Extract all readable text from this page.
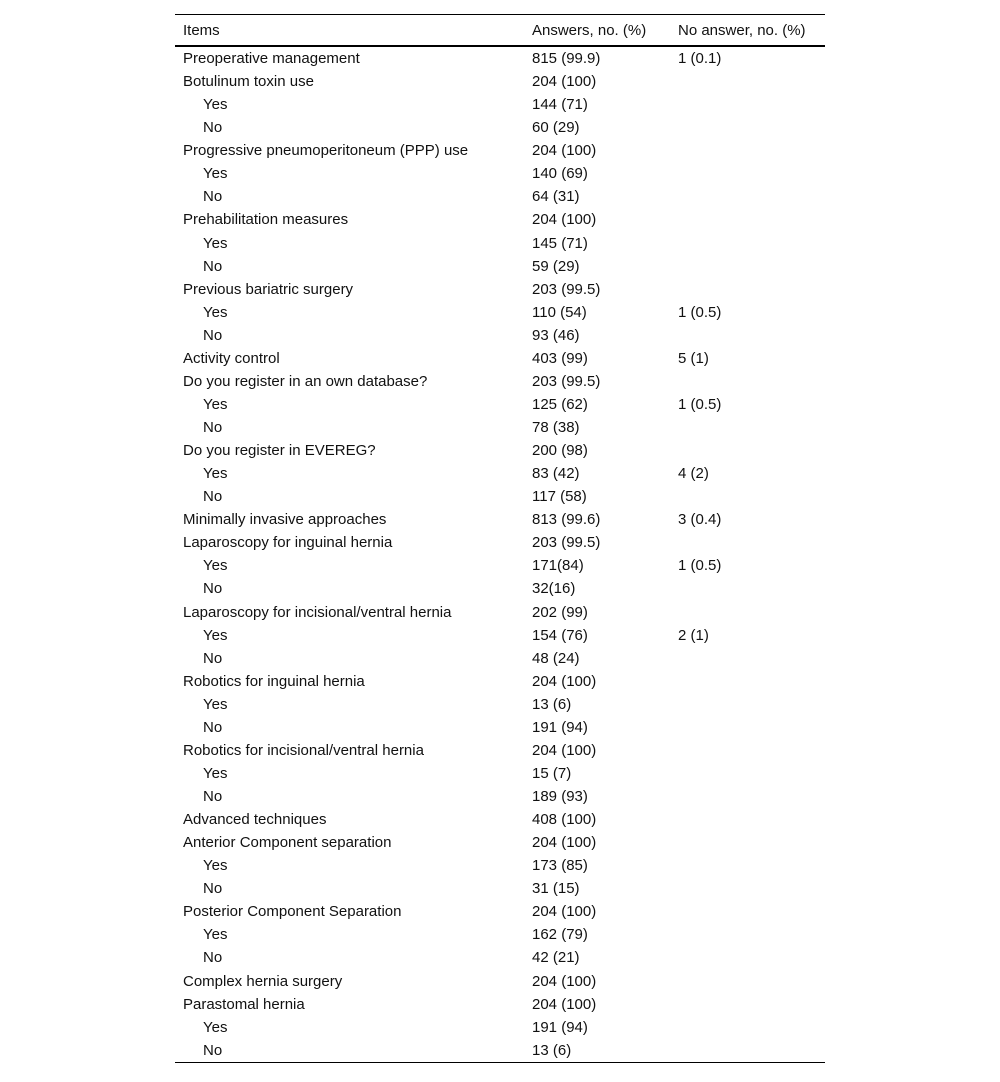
Items	Answers, no. (%)	No answer, no. (%)
Preoperative management	815 (99.9)	1 (0.1)
Botulinum toxin use	204 (100)
Yes	144 (71)
No	60 (29)
Progressive pneumoperitoneum (PPP) use	204 (100)
Yes	140 (69)
No	64 (31)
Prehabilitation measures	204 (100)
Yes	145 (71)
No	59 (29)
Previous bariatric surgery	203 (99.5)
Yes	110 (54)	1 (0.5)
No	93 (46)
Activity control	403 (99)	5 (1)
Do you register in an own database?	203 (99.5)
Yes	125 (62)	1 (0.5)
No	78 (38)
Do you register in EVEREG?	200 (98)
Yes	83 (42)	4 (2)
No	117 (58)
Minimally invasive approaches	813 (99.6)	3 (0.4)
Laparoscopy for inguinal hernia	203 (99.5)
Yes	171(84)	1 (0.5)
No	32(16)
Laparoscopy for incisional/ventral hernia	202 (99)
Yes	154 (76)	2 (1)
No	48 (24)
Robotics for inguinal hernia	204 (100)
Yes	13 (6)
No	191 (94)
Robotics for incisional/ventral hernia	204 (100)
Yes	15 (7)
No	189 (93)
Advanced techniques	408 (100)
Anterior Component separation	204 (100)
Yes	173 (85)
No	31 (15)
Posterior Component Separation	204 (100)
Yes	162 (79)
No	42 (21)
Complex hernia surgery	204 (100)
Parastomal hernia	204 (100)
Yes	191 (94)
No	13 (6)
